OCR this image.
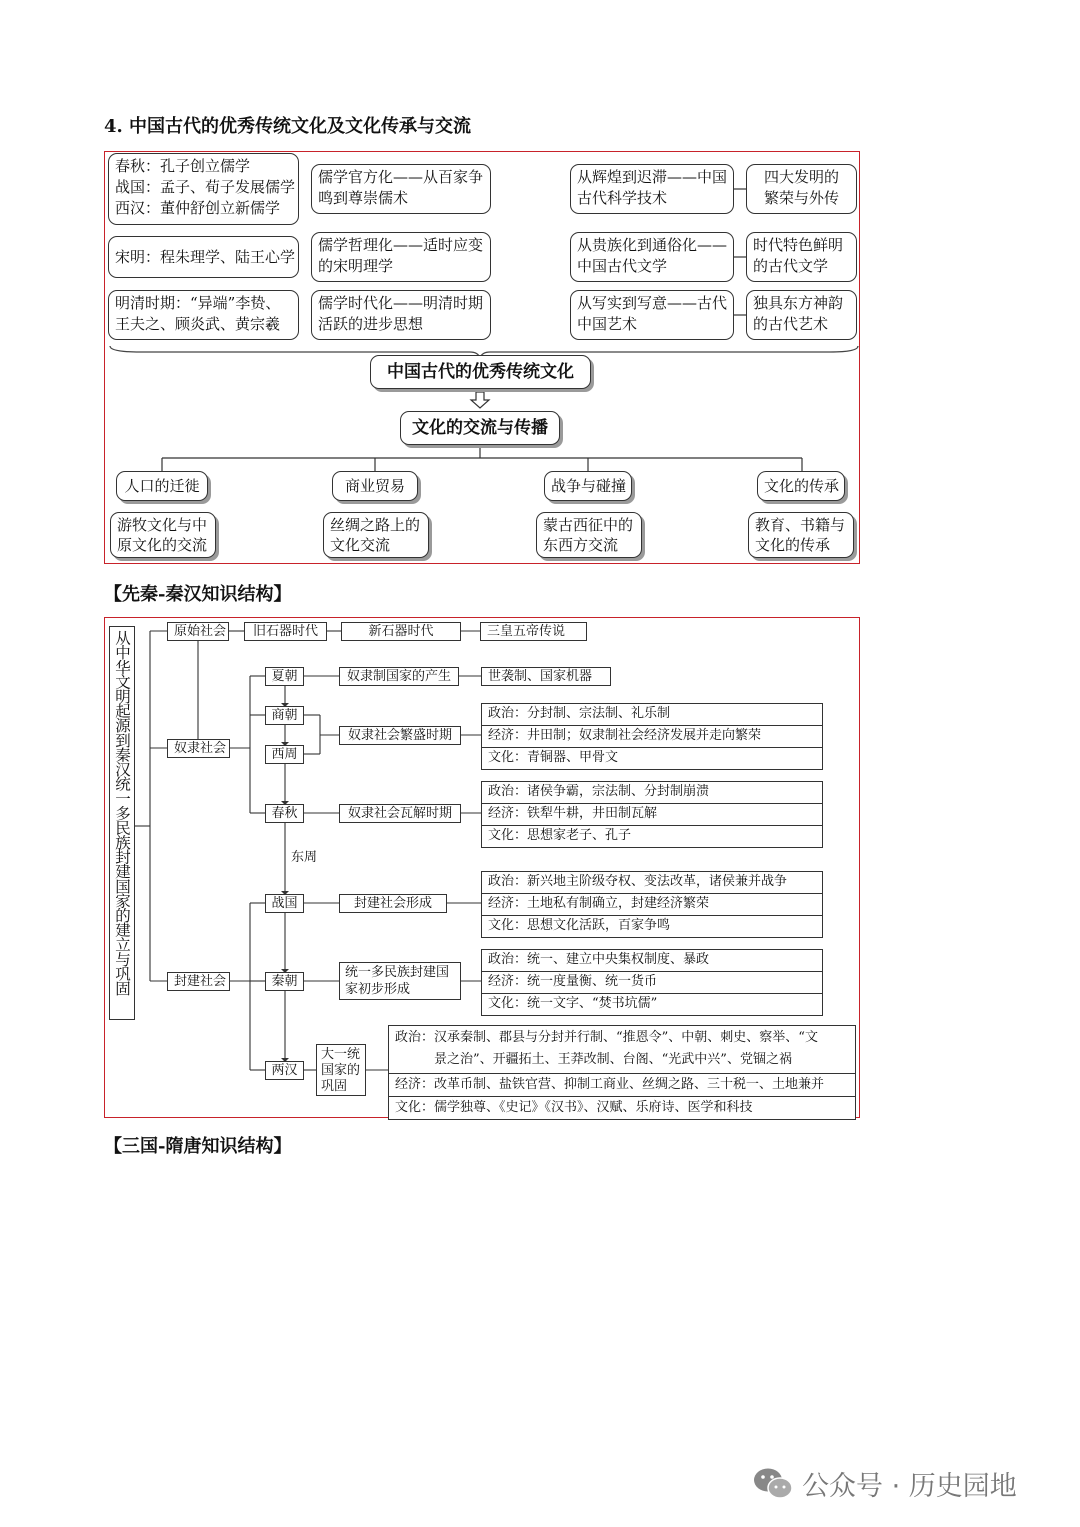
4. 中国古代的优秀传统文化及文化传承与交流
春秋：孔子创立儒学
战国：孟子、荀子发展儒学
西汉：董仲舒创立新儒学
宋明：程朱理学、陆王心学
明清时期：“异端”李贽、
王夫之、顾炎武、黄宗羲
儒学官方化——从百家争
鸣到尊崇儒术
儒学哲理化——适时应变
的宋明理学
儒学时代化——明清时期
活跃的进步思想
从辉煌到迟滞——中国
古代科学技术
从贵族化到通俗化——
中国古代文学
从写实到写意——古代
中国艺术
四大发明的
繁荣与外传
时代特色鲜明
的古代文学
独具东方神韵
的古代艺术
中国古代的优秀传统文化
文化的交流与传播
人口的迁徙	商业贸易	战争与碰撞	文化的传承
游牧文化与中
原文化的交流
丝绸之路上的
文化交流
蒙古西征中的
东西方交流
教育、书籍与
文化的传承
【先秦-秦汉知识结构】
从中华文明起源到秦汉统一多民族封建国家的建立与巩固	原始社会
奴隶社会
封建社会
旧石器时代	新石器时代	三皇五帝传说
夏朝
商朝
西周
春秋
东周
战国
秦朝
两汉
奴隶制国家的产生	世袭制、国家机器
奴隶社会繁盛时期
奴隶社会瓦解时期
封建社会形成
统一多民族封建国
家初步形成
大一统
国家的
巩固
政治：分封制、宗法制、礼乐制
经济：井田制；奴隶制社会经济发展并走向繁荣
文化：青铜器、甲骨文
政治：诸侯争霸，宗法制、分封制崩溃
经济：铁犁牛耕，井田制瓦解
文化：思想家老子、孔子
政治：新兴地主阶级夺权、变法改革，诸侯兼并战争
经济：土地私有制确立，封建经济繁荣
文化：思想文化活跃，百家争鸣
政治：统一、建立中央集权制度、暴政
经济：统一度量衡、统一货币
文化：统一文字、“焚书坑儒”
政治：汉承秦制、郡县与分封并行制、“推恩令”、中朝、刺史、察举、“文
景之治”、开疆拓土、王莽改制、台阁、“光武中兴”、党锢之祸
经济：改革币制、盐铁官营、抑制工商业、丝绸之路、三十税一、土地兼并
文化：儒学独尊、《史记》《汉书》、汉赋、乐府诗、医学和科技
【三国-隋唐知识结构】
公众号 · 历史园地
